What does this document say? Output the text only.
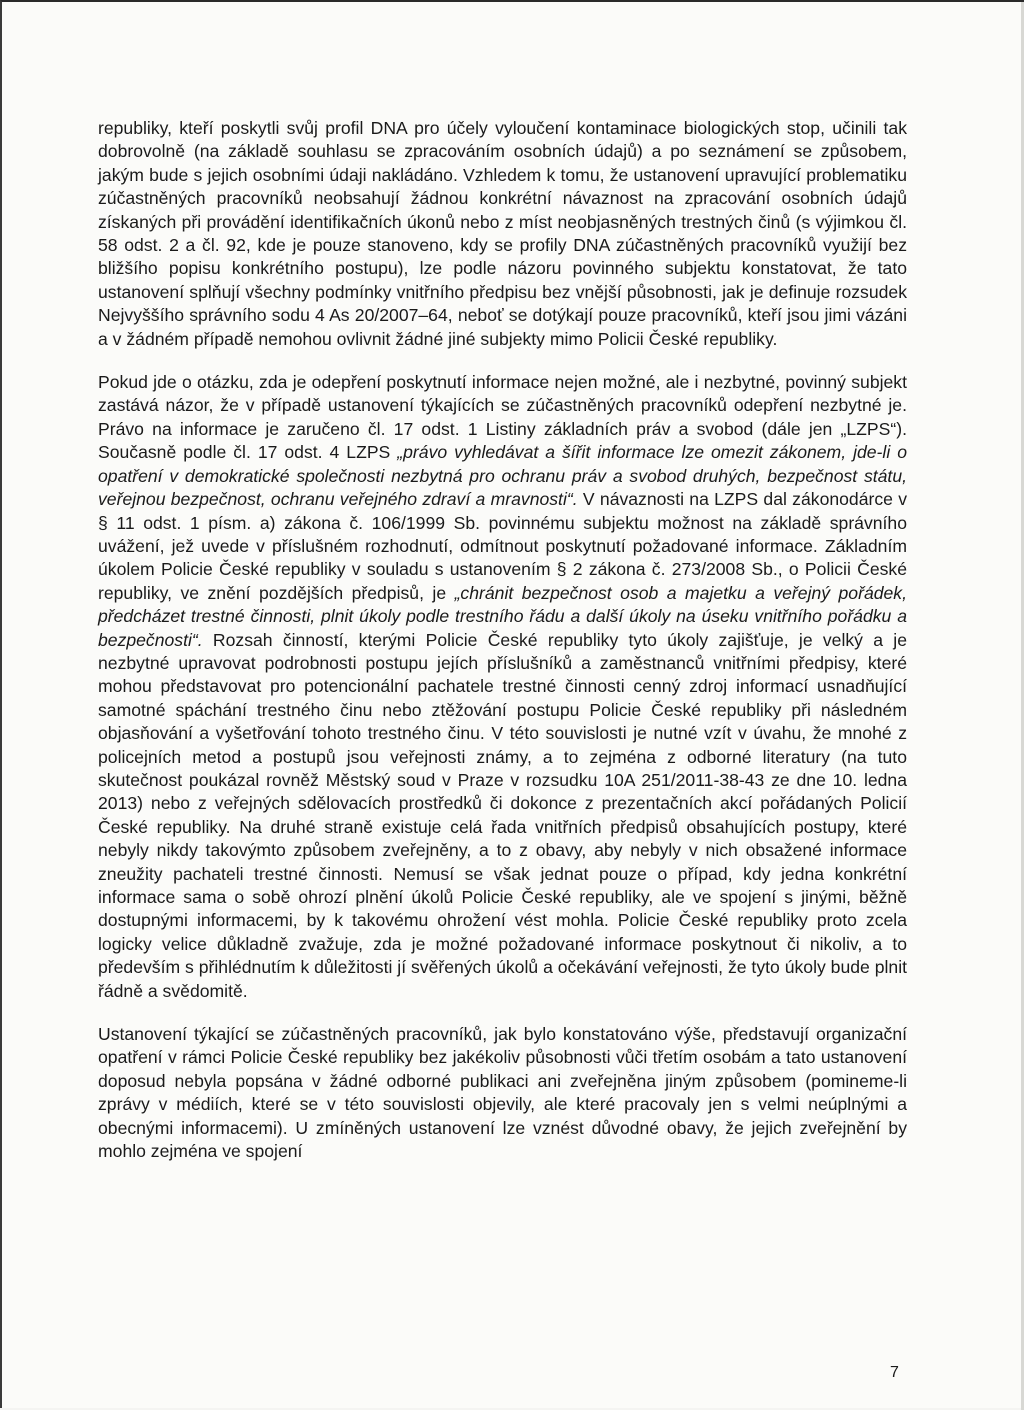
republiky, kteří poskytli svůj profil DNA pro účely vyloučení kontaminace biologických stop, učinili tak dobrovolně (na základě souhlasu se zpracováním osobních údajů) a po seznámení se způsobem, jakým bude s jejich osobními údaji nakládáno. Vzhledem k tomu, že ustanovení upravující problematiku zúčastněných pracovníků neobsahují žádnou konkrétní návaznost na zpracování osobních údajů získaných při provádění identifikačních úkonů nebo z míst neobjasněných trestných činů (s výjimkou čl. 58 odst. 2 a čl. 92, kde je pouze stanoveno, kdy se profily DNA zúčastněných pracovníků využijí bez bližšího popisu konkrétního postupu), lze podle názoru povinného subjektu konstatovat, že tato ustanovení splňují všechny podmínky vnitřního předpisu bez vnější působnosti, jak je definuje rozsudek Nejvyššího správního sodu 4 As 20/2007–64, neboť se dotýkají pouze pracovníků, kteří jsou jimi vázáni a v žádném případě nemohou ovlivnit žádné jiné subjekty mimo Policii České republiky.

Pokud jde o otázku, zda je odepření poskytnutí informace nejen možné, ale i nezbytné, povinný subjekt zastává názor, že v případě ustanovení týkajících se zúčastněných pracovníků odepření nezbytné je. Právo na informace je zaručeno čl. 17 odst. 1 Listiny základních práv a svobod (dále jen „LZPS“). Současně podle čl. 17 odst. 4 LZPS „právo vyhledávat a šířit informace lze omezit zákonem, jde-li o opatření v demokratické společnosti nezbytná pro ochranu práv a svobod druhých, bezpečnost státu, veřejnou bezpečnost, ochranu veřejného zdraví a mravnosti“. V návaznosti na LZPS dal zákonodárce v § 11 odst. 1 písm. a) zákona č. 106/1999 Sb. povinnému subjektu možnost na základě správního uvážení, jež uvede v příslušném rozhodnutí, odmítnout poskytnutí požadované informace. Základním úkolem Policie České republiky v souladu s ustanovením § 2 zákona č. 273/2008 Sb., o Policii České republiky, ve znění pozdějších předpisů, je „chránit bezpečnost osob a majetku a veřejný pořádek, předcházet trestné činnosti, plnit úkoly podle trestního řádu a další úkoly na úseku vnitřního pořádku a bezpečnosti“. Rozsah činností, kterými Policie České republiky tyto úkoly zajišťuje, je velký a je nezbytné upravovat podrobnosti postupu jejích příslušníků a zaměstnanců vnitřními předpisy, které mohou představovat pro potencionální pachatele trestné činnosti cenný zdroj informací usnadňující samotné spáchání trestného činu nebo ztěžování postupu Policie České republiky při následném objasňování a vyšetřování tohoto trestného činu. V této souvislosti je nutné vzít v úvahu, že mnohé z policejních metod a postupů jsou veřejnosti známy, a to zejména z odborné literatury (na tuto skutečnost poukázal rovněž Městský soud v Praze v rozsudku 10A 251/2011-38-43 ze dne 10. ledna 2013) nebo z veřejných sdělovacích prostředků či dokonce z prezentačních akcí pořádaných Policií České republiky. Na druhé straně existuje celá řada vnitřních předpisů obsahujících postupy, které nebyly nikdy takovýmto způsobem zveřejněny, a to z obavy, aby nebyly v nich obsažené informace zneužity pachateli trestné činnosti. Nemusí se však jednat pouze o případ, kdy jedna konkrétní informace sama o sobě ohrozí plnění úkolů Policie České republiky, ale ve spojení s jinými, běžně dostupnými informacemi, by k takovému ohrožení vést mohla. Policie České republiky proto zcela logicky velice důkladně zvažuje, zda je možné požadované informace poskytnout či nikoliv, a to především s přihlédnutím k důležitosti jí svěřených úkolů a očekávání veřejnosti, že tyto úkoly bude plnit řádně a svědomitě.

Ustanovení týkající se zúčastněných pracovníků, jak bylo konstatováno výše, představují organizační opatření v rámci Policie České republiky bez jakékoliv působnosti vůči třetím osobám a tato ustanovení doposud nebyla popsána v žádné odborné publikaci ani zveřejněna jiným způsobem (pomineme-li zprávy v médiích, které se v této souvislosti objevily, ale které pracovaly jen s velmi neúplnými a obecnými informacemi). U zmíněných ustanovení lze vznést důvodné obavy, že jejich zveřejnění by mohlo zejména ve spojení

7
